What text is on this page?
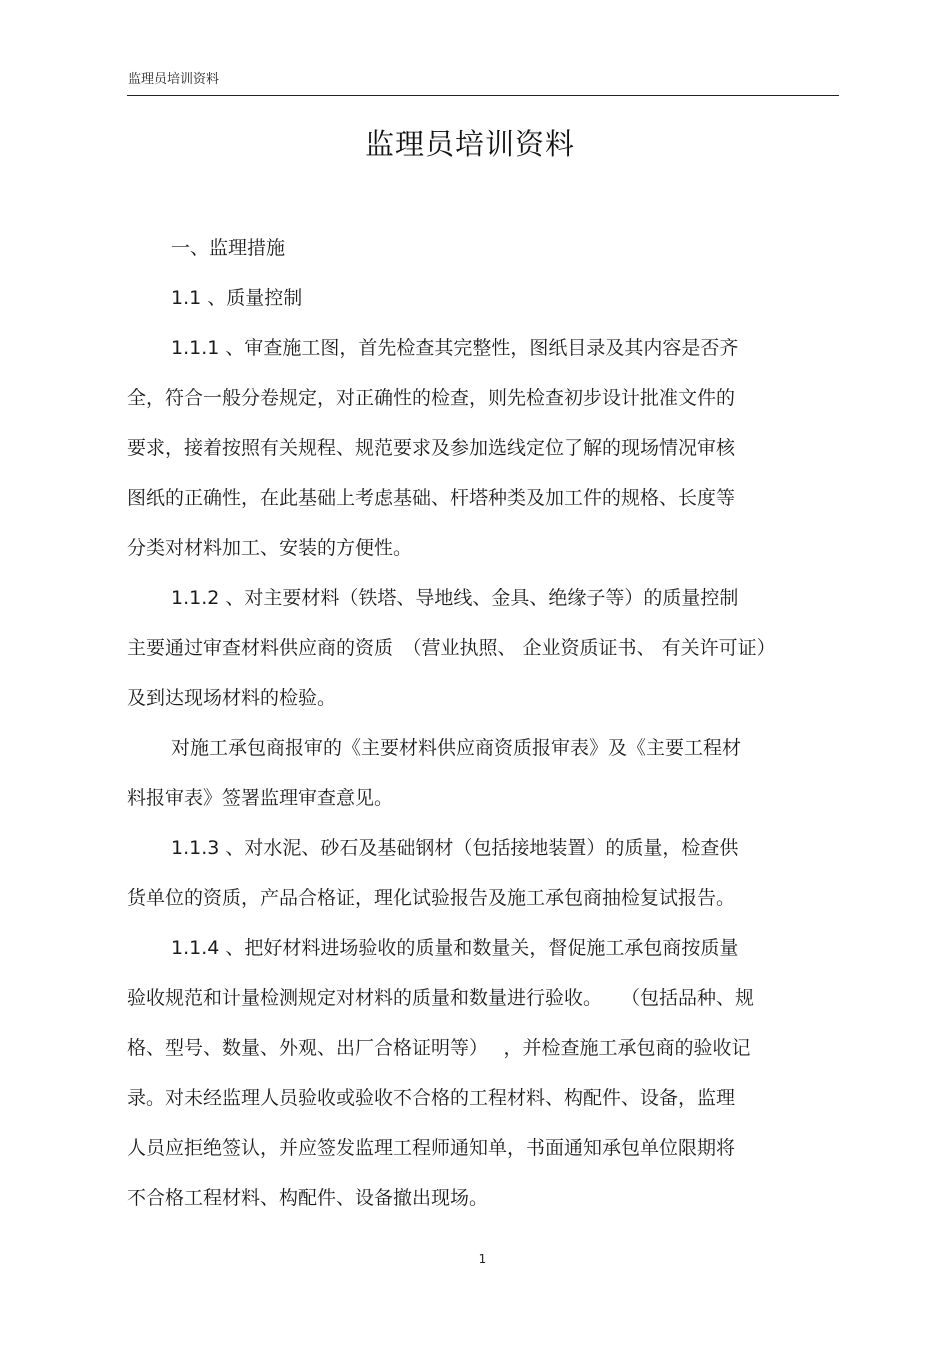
监理员培训资料
监理员培训资料

一、监理措施

1.1 、质量控制

1.1.1 、审查施工图，首先检查其完整性，图纸目录及其内容是否齐
全，符合一般分卷规定，对正确性的检查，则先检查初步设计批准文件的
要求，接着按照有关规程、规范要求及参加选线定位了解的现场情况审核
图纸的正确性，在此基础上考虑基础、杆塔种类及加工件的规格、长度等
分类对材料加工、安装的方便性。

1.1.2 、对主要材料（铁塔、导地线、金具、绝缘子等）的质量控制
主要通过审查材料供应商的资质　（营业执照、 企业资质证书、 有关许可证）
及到达现场材料的检验。

对施工承包商报审的《主要材料供应商资质报审表》及《主要工程材
料报审表》签署监理审查意见。

1.1.3 、对水泥、砂石及基础钢材（包括接地装置）的质量，检查供
货单位的资质，产品合格证，理化试验报告及施工承包商抽检复试报告。

1.1.4 、把好材料进场验收的质量和数量关，督促施工承包商按质量
验收规范和计量检测规定对材料的质量和数量进行验收。　　（包括品种、规
格、型号、数量、外观、出厂合格证明等）　 ，并检查施工承包商的验收记
录。对未经监理人员验收或验收不合格的工程材料、构配件、设备，监理
人员应拒绝签认，并应签发监理工程师通知单，书面通知承包单位限期将
不合格工程材料、构配件、设备撤出现场。

1
